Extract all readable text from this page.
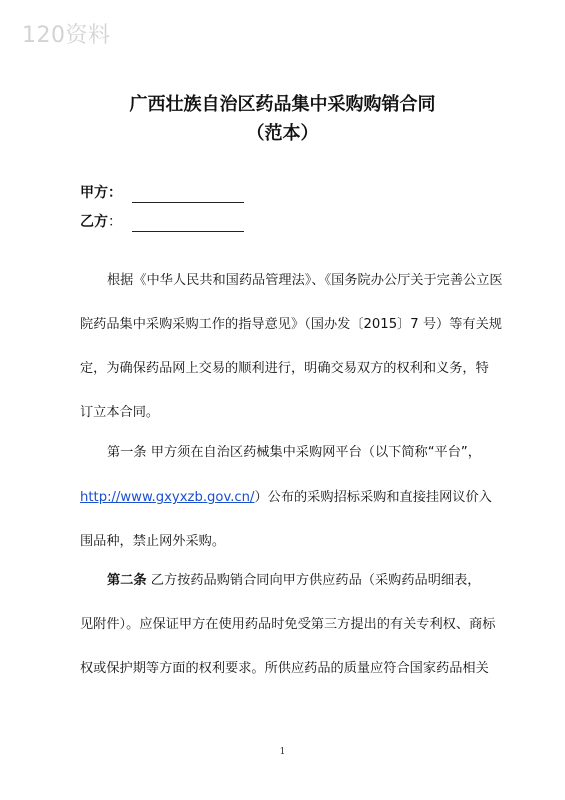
120资料
广西壮族自治区药品集中采购购销合同
（范本）
甲方 ：
乙方 ：
根据《中华人民共和国药品管理法》、《国务院办公厅关于完善公立医
院药品集中采购采购工作的指导意见》（国办发〔2015〕7 号）等有关规
定，为确保药品网上交易的顺利进行，明确交易双方的权利和义务，特
订立本合同。
第一条 甲方须在自治区药械集中采购网平台（以下简称“平台”，
http://www.gxyxzb.gov.cn/）公布的采购招标采购和直接挂网议价入
围品种，禁止网外采购。
第二条 乙方按药品购销合同向甲方供应药品（采购药品明细表，
见附件）。应保证甲方在使用药品时免受第三方提出的有关专利权、商标
权或保护期等方面的权利要求。所供应药品的质量应符合国家药品相关
1
